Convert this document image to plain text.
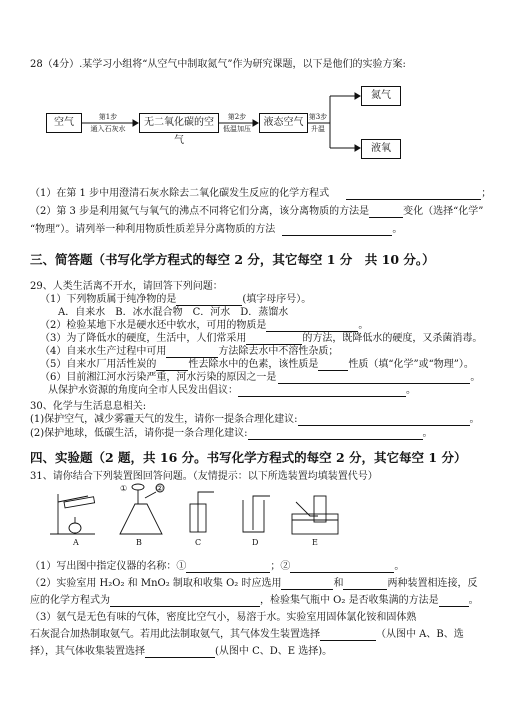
28（4分）.某学习小组将“从空气中制取氮气”作为研究课题，以下是他们的实验方案:
空气	第1步
通入石灰水
无二氧化碳的空气
第2步
低温加压
液态空气 第3步
升温
氮气
液氧
（1）在第 1 步中用澄清石灰水除去二氧化碳发生反应的化学方程式	；
（2）第 3 步是利用氮气与氧气的沸点不同将它们分离，该分离物质的方法是	变化（选择“化学”
“物理”）。请列举一种利用物质性质差异分离物质的方法	。
三、简答题（书写化学方程式的每空 2 分，其它每空 1 分　共 10 分。）
29、人类生活离不开水，请回答下列问题：
（1）下列物质属于纯净物的是	(填字母序号）。
A．自来水　B．冰水混合物　C．河水　D．蒸馏水
（2）检验某地下水是硬水还中软水，可用的物质是	。
（3）为了降低水的硬度，生活中，人们常采用	的方法，既降低水的硬度，又杀菌消毒。
（4）自来水生产过程中可用	方法除去水中不溶性杂质；
（5）自来水厂用活性炭的	性去除水中的色素，该性质是	性质（填“化学”或“物理”）。
（6）目前湘江河水污染严重，河水污染的原因之一是	。
从保护水资源的角度向全市人民发出倡议：	。
30、化学与生活息息相关:
(1)保护空气，减少雾霾天气的发生，请你一提条合理化建议:	。
(2)保护地球，低碳生活，请你提一条合理化建议:	。
四、实验题（2 题，共 16 分。书写化学方程式的每空 2 分，其它每空 1 分）
31、请你结合下列装置图回答问题。（友情提示：以下所选装置均填装置代号）
A	B	C	D	E
①	②
（1）写出图中指定仪器的名称：①	；②	。
（2）实验室用 H₂O₂ 和 MnO₂ 制取和收集 O₂ 时应选用	和	两种装置相连接，反
应的化学方程式为	，检验集气瓶中 O₂ 是否收集满的方法是	。
（3）氨气是无色有味的气体，密度比空气小，易溶于水。实验室用固体氯化铵和固体熟
石灰混合加热制取氨气。若用此法制取氨气，其气体发生装置选择	（从图中 A、B、选
择），其气体收集装置选择	(从图中 C、D、E 选择)。
